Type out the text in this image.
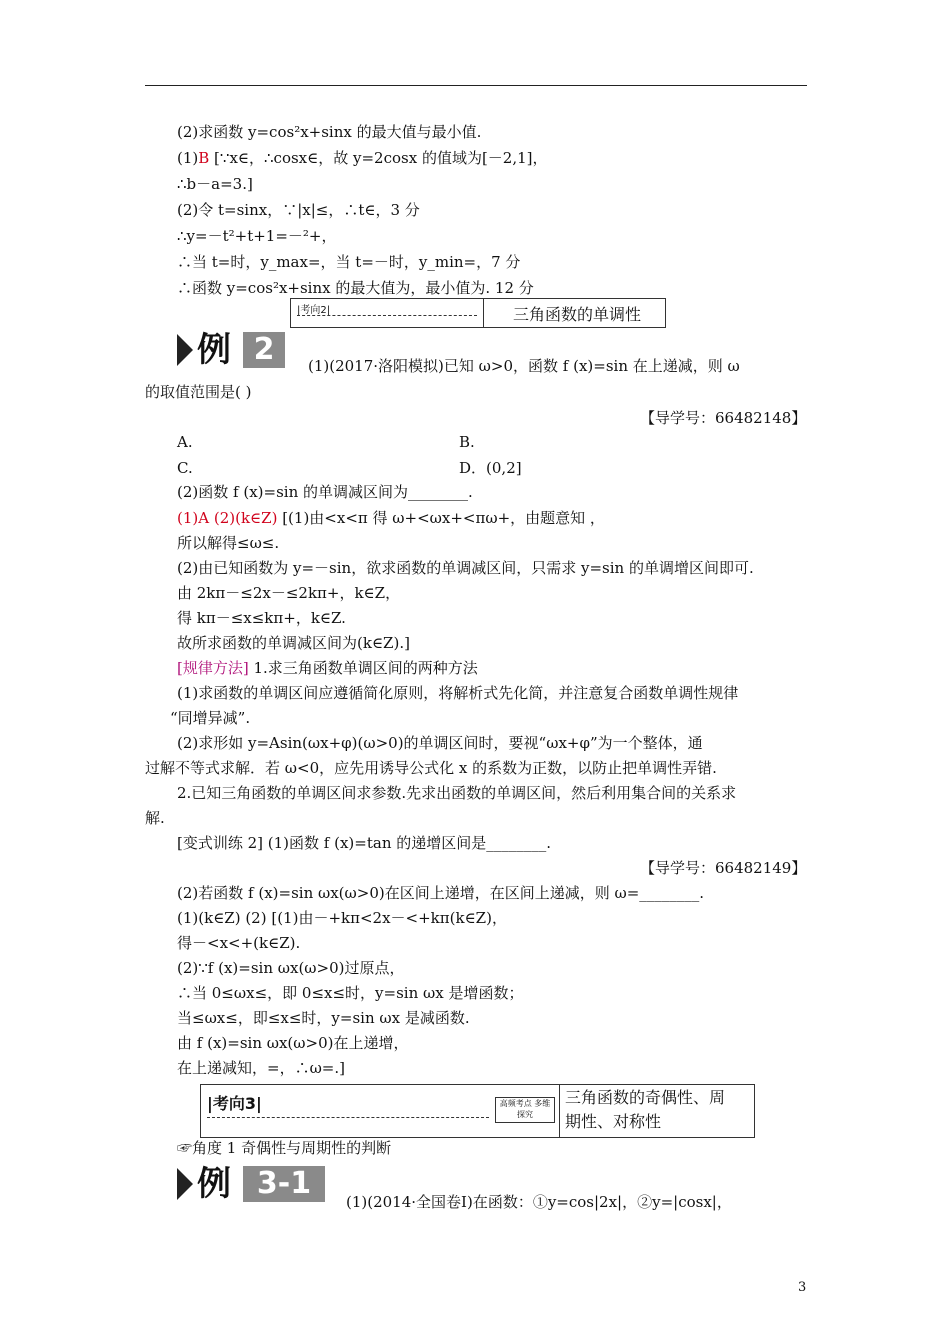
(2)求函数 y=cos²x+sinx 的最大值与最小值.
(1)B [∵x∈，∴cosx∈，故 y=2cosx 的值域为[－2,1]，
∴b－a=3.]
(2)令 t=sinx，∵|x|≤，∴t∈，3 分
∴y=－t²+t+1=－²+，
∴当 t=时，y_max=，当 t=－时，y_min=，7 分
∴函数 y=cos²x+sinx 的最大值为，最小值为. 12 分
|考向2|	三角函数的单调性
例 2	(1)(2017·洛阳模拟)已知 ω>0，函数 f (x)=sin 在上递减，则 ω
的取值范围是( )
【导学号：66482148】
A.	B.
C.	D．(0,2]
(2)函数 f (x)=sin 的单调减区间为________.
(1)A (2)(k∈Z) [(1)由<x<π 得 ω+<ωx+<πω+，由题意知 ，
所以解得≤ω≤.
(2)由已知函数为 y=－sin，欲求函数的单调减区间，只需求 y=sin 的单调增区间即可.
由 2kπ－≤2x－≤2kπ+，k∈Z，
得 kπ－≤x≤kπ+，k∈Z.
故所求函数的单调减区间为(k∈Z).]
[规律方法] 1.求三角函数单调区间的两种方法
(1)求函数的单调区间应遵循简化原则，将解析式先化简，并注意复合函数单调性规律
“同增异减”.
(2)求形如 y=Asin(ωx+φ)(ω>0)的单调区间时，要视“ωx+φ”为一个整体，通
过解不等式求解．若 ω<0，应先用诱导公式化 x 的系数为正数，以防止把单调性弄错.
2.已知三角函数的单调区间求参数.先求出函数的单调区间，然后利用集合间的关系求
解.
[变式训练 2] (1)函数 f (x)=tan 的递增区间是________.
【导学号：66482149】
(2)若函数 f (x)=sin ωx(ω>0)在区间上递增，在区间上递减，则 ω=________.
(1)(k∈Z) (2) [(1)由－+kπ<2x－<+kπ(k∈Z)，
得－<x<+(k∈Z).
(2)∵f (x)=sin ωx(ω>0)过原点，
∴当 0≤ωx≤，即 0≤x≤时，y=sin ωx 是增函数；
当≤ωx≤，即≤x≤时，y=sin ωx 是减函数.
由 f (x)=sin ωx(ω>0)在上递增，
在上递减知，=，∴ω=.]
|考向3|	高频考点 多维探究
三角函数的奇偶性、周
期性、对称性
☞角度 1 奇偶性与周期性的判断
例 3-1
(1)(2014·全国卷Ⅰ)在函数：①y=cos|2x|，②y=|cosx|，
3
